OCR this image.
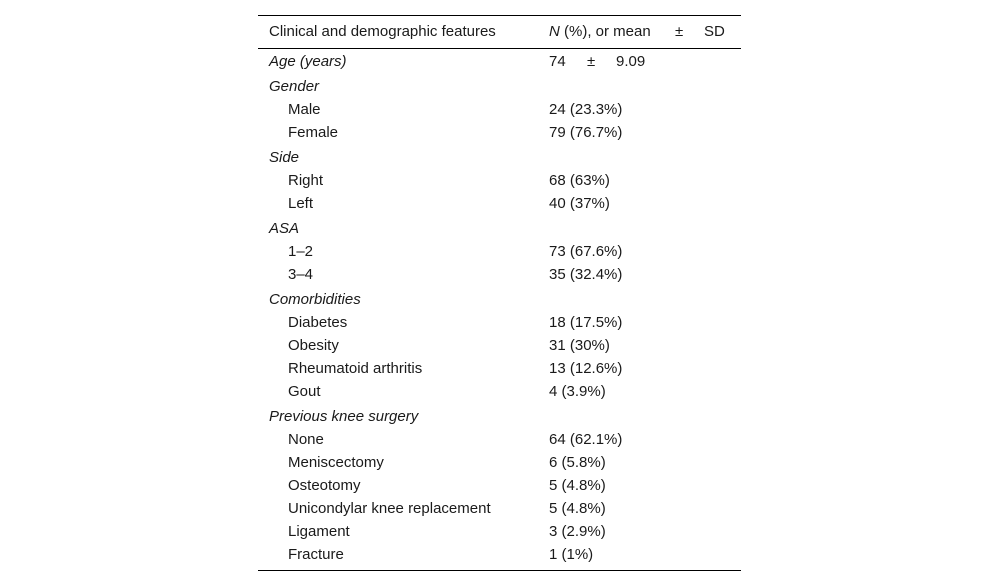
Clinical and demographic features	N (%), or mean ± SD
Age (years)	74 ± 9.09
Gender
Male	24 (23.3%)
Female	79 (76.7%)
Side
Right	68 (63%)
Left	40 (37%)
ASA
1–2	73 (67.6%)
3–4	35 (32.4%)
Comorbidities
Diabetes	18 (17.5%)
Obesity	31 (30%)
Rheumatoid arthritis	13 (12.6%)
Gout	4 (3.9%)
Previous knee surgery
None	64 (62.1%)
Meniscectomy	6 (5.8%)
Osteotomy	5 (4.8%)
Unicondylar knee replacement	5 (4.8%)
Ligament	3 (2.9%)
Fracture	1 (1%)
